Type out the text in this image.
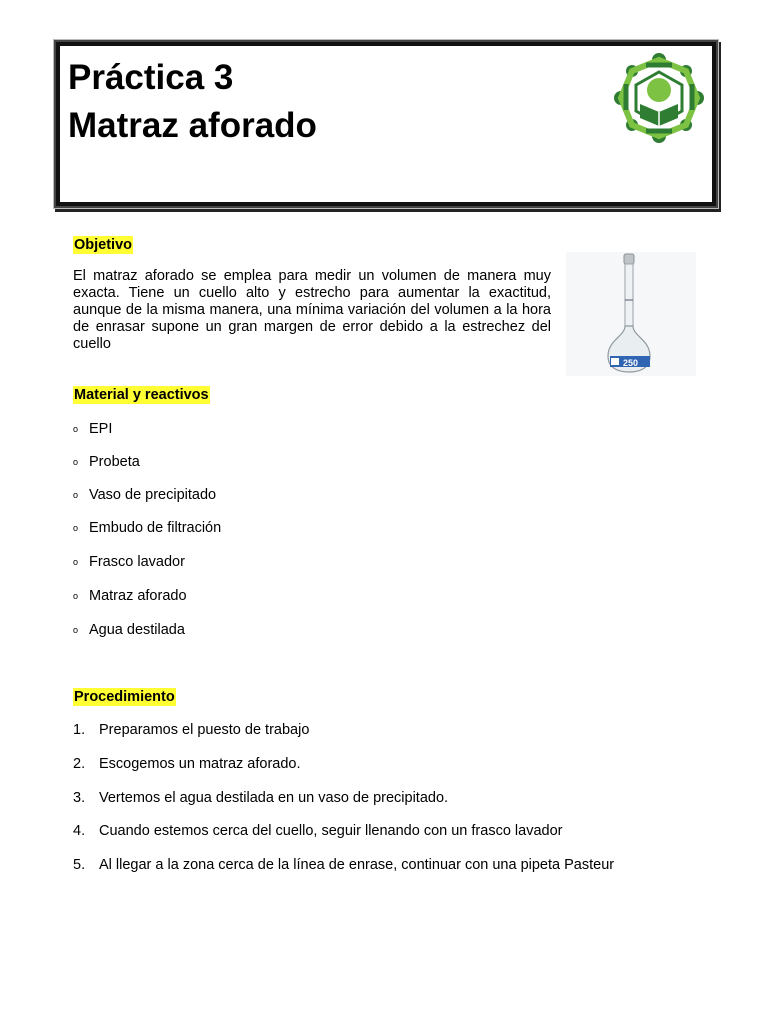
Práctica 3
Matraz aforado
Objetivo
El matraz aforado se emplea para medir un volumen de manera muy exacta. Tiene un cuello alto y estrecho para aumentar la exactitud, aunque de la misma manera, una mínima variación del volumen a la hora de enrasar supone un gran margen de error debido a la estrechez del cuello
250
Material y reactivos
o EPI
o Probeta
o Vaso de precipitado
o Embudo de filtración
o Frasco lavador
o Matraz aforado
o Agua destilada
Procedimiento
1. Preparamos el puesto de trabajo
2. Escogemos un matraz aforado.
3. Vertemos el agua destilada en un vaso de precipitado.
4. Cuando estemos cerca del cuello, seguir llenando con un frasco lavador
5. Al llegar a la zona cerca de la línea de enrase, continuar con una pipeta Pasteur
